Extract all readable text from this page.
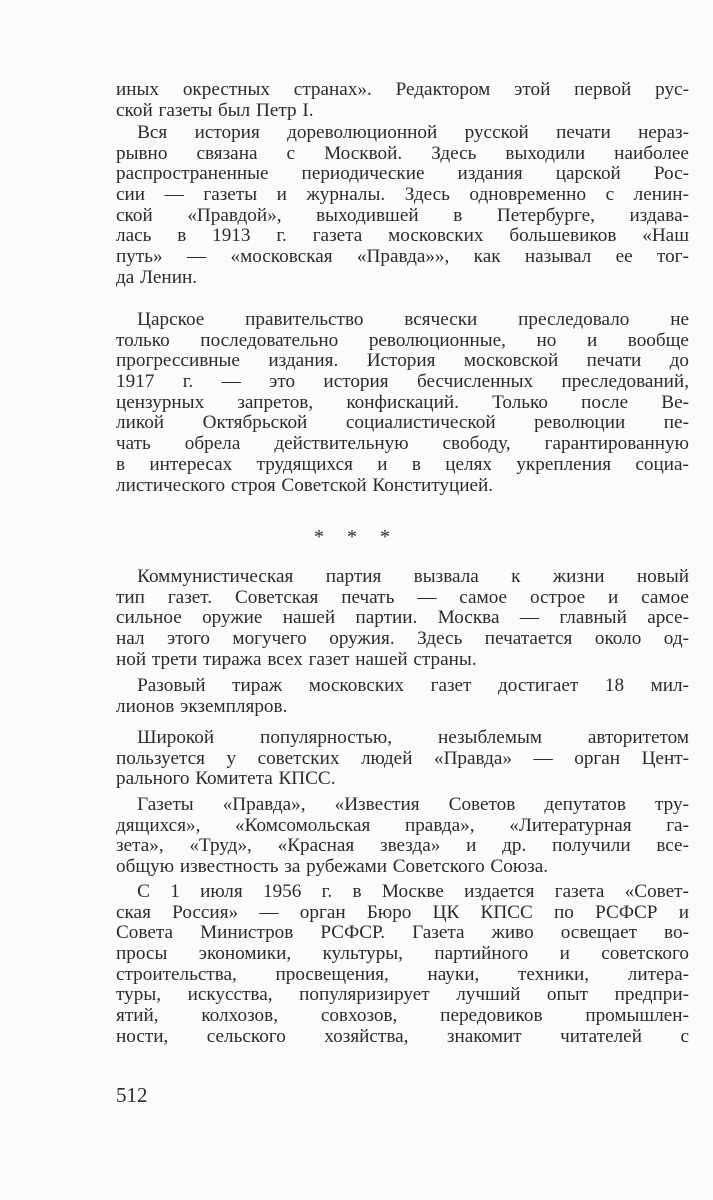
иных окрестных странах». Редактором этой первой рус-
ской газеты был Петр I.
Вся история дореволюционной русской печати нераз-
рывно связана с Москвой. Здесь выходили наиболее
распространенные периодические издания царской Рос-
сии — газеты и журналы. Здесь одновременно с ленин-
ской «Правдой», выходившей в Петербурге, издава-
лась в 1913 г. газета московских большевиков «Наш
путь» — «московская «Правда»», как называл ее тог-
да Ленин.
Царское правительство всячески преследовало не
только последовательно революционные, но и вообще
прогрессивные издания. История московской печати до
1917 г. — это история бесчисленных преследований,
цензурных запретов, конфискаций. Только после Ве-
ликой Октябрьской социалистической революции пе-
чать обрела действительную свободу, гарантированную
в интересах трудящихся и в целях укрепления социа-
листического строя Советской Конституцией.
* * *
Коммунистическая партия вызвала к жизни новый
тип газет. Советская печать — самое острое и самое
сильное оружие нашей партии. Москва — главный арсе-
нал этого могучего оружия. Здесь печатается около од-
ной трети тиража всех газет нашей страны.
Разовый тираж московских газет достигает 18 мил-
лионов экземпляров.
Широкой популярностью, незыблемым авторитетом
пользуется у советских людей «Правда» — орган Цент-
рального Комитета КПСС.
Газеты «Правда», «Известия Советов депутатов тру-
дящихся», «Комсомольская правда», «Литературная га-
зета», «Труд», «Красная звезда» и др. получили все-
общую известность за рубежами Советского Союза.
С 1 июля 1956 г. в Москве издается газета «Совет-
ская Россия» — орган Бюро ЦК КПСС по РСФСР и
Совета Министров РСФСР. Газета живо освещает во-
просы экономики, культуры, партийного и советского
строительства, просвещения, науки, техники, литера-
туры, искусства, популяризирует лучший опыт предпри-
ятий, колхозов, совхозов, передовиков промышлен-
ности, сельского хозяйства, знакомит читателей с
512
